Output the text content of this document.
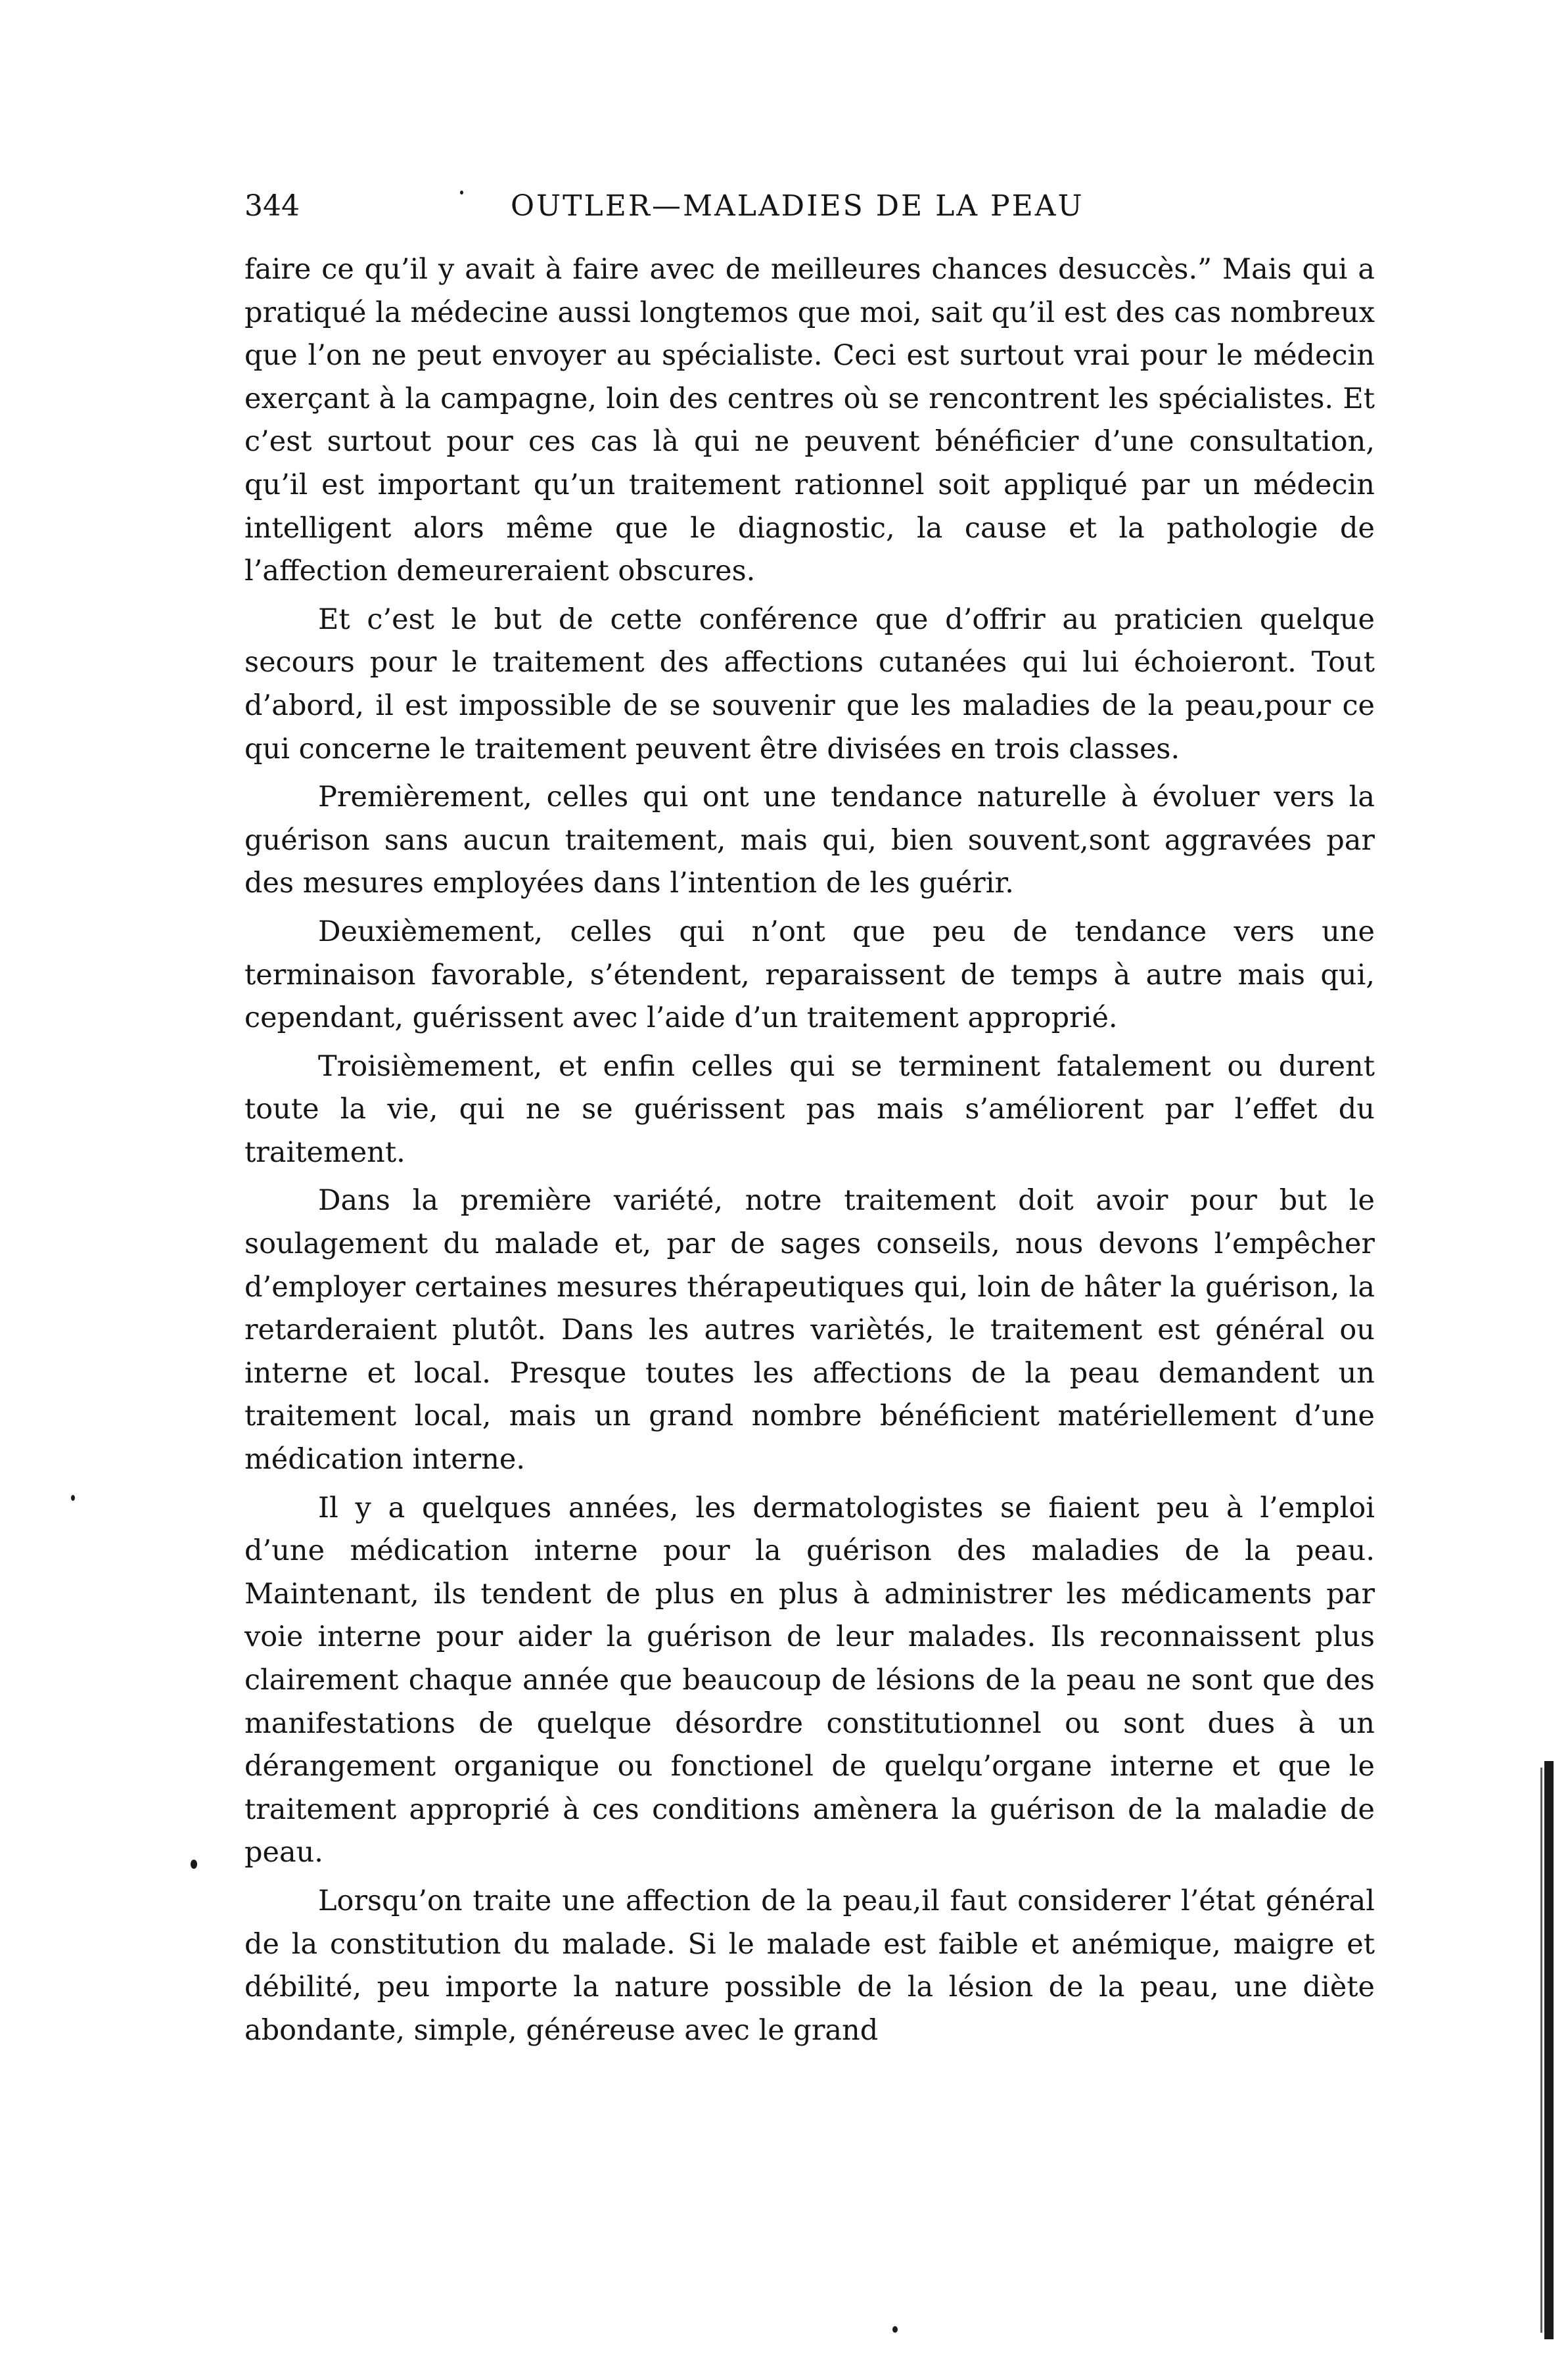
344	OUTLER—MALADIES DE LA PEAU

faire ce qu’il y avait à faire avec de meilleures chances desuccès.” Mais qui a pratiqué la médecine aussi longtemos que moi, sait qu’il est des cas nombreux que l’on ne peut envoyer au spécialiste. Ceci est surtout vrai pour le médecin exerçant à la campagne, loin des centres où se rencontrent les spécialistes. Et c’est surtout pour ces cas là qui ne peuvent bénéficier d’une consultation, qu’il est important qu’un traitement rationnel soit appliqué par un médecin intelligent alors même que le diagnostic, la cause et la pathologie de l’affection demeureraient obscures.

Et c’est le but de cette conférence que d’offrir au praticien quelque secours pour le traitement des affections cutanées qui lui échoieront. Tout d’abord, il est impossible de se souvenir que les maladies de la peau,pour ce qui concerne le traitement peuvent être divisées en trois classes.

Premièrement, celles qui ont une tendance naturelle à évoluer vers la guérison sans aucun traitement, mais qui, bien souvent,sont aggravées par des mesures employées dans l’intention de les guérir.

Deuxièmement, celles qui n’ont que peu de tendance vers une terminaison favorable, s’étendent, reparaissent de temps à autre mais qui, cependant, guérissent avec l’aide d’un traitement approprié.

Troisièmement, et enfin celles qui se terminent fatalement ou durent toute la vie, qui ne se guérissent pas mais s’améliorent par l’effet du traitement.

Dans la première variété, notre traitement doit avoir pour but le soulagement du malade et, par de sages conseils, nous devons l’empêcher d’employer certaines mesures thérapeutiques qui, loin de hâter la guérison, la retarderaient plutôt. Dans les autres variètés, le traitement est général ou interne et local. Presque toutes les affections de la peau demandent un traitement local, mais un grand nombre bénéficient matériellement d’une médication interne.

Il y a quelques années, les dermatologistes se fiaient peu à l’emploi d’une médication interne pour la guérison des maladies de la peau. Maintenant, ils tendent de plus en plus à administrer les médicaments par voie interne pour aider la guérison de leur malades. Ils reconnaissent plus clairement chaque année que beaucoup de lésions de la peau ne sont que des manifestations de quelque désordre constitutionnel ou sont dues à un dérangement organique ou fonctionel de quelqu’organe interne et que le traitement approprié à ces conditions amènera la guérison de la maladie de peau.

Lorsqu’on traite une affection de la peau,il faut considerer l’état général de la constitution du malade. Si le malade est faible et anémique, maigre et débilité, peu importe la nature possible de la lésion de la peau, une diète abondante, simple, généreuse avec le grand
